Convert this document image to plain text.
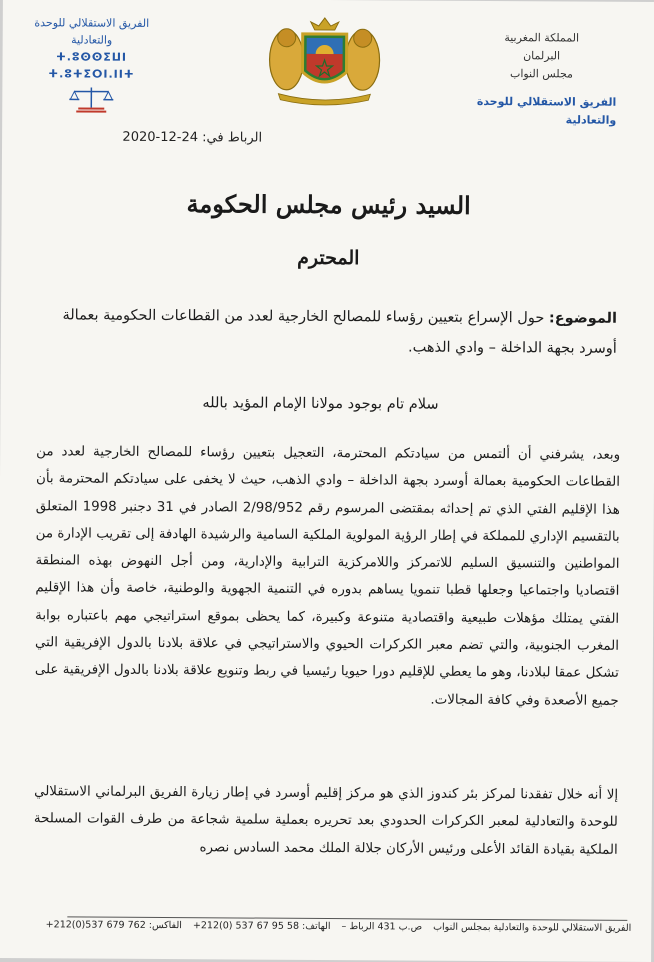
الفريق الاستقلالي للوحدة والتعادلية
ⵜ.ⵓⵙⵙⵉⵡⵏ ⵜ.ⵓⵜⵉⵔⵏ.ⵏⵏⵜ
المملكة المغربية
البرلمان
مجلس النواب
الفريق الاستقلالي للوحدة والتعادلية
الرباط في: 24-12-2020
السيد رئيس مجلس الحكومة
المحترم
الموضوع: حول الإسراع بتعيين رؤساء للمصالح الخارجية لعدد من القطاعات الحكومية بعمالة أوسرد بجهة الداخلة – وادي الذهب.
سلام تام بوجود مولانا الإمام المؤيد بالله
وبعد، يشرفني أن ألتمس من سيادتكم المحترمة، التعجيل بتعيين رؤساء للمصالح الخارجية لعدد من القطاعات الحكومية بعمالة أوسرد بجهة الداخلة – وادي الذهب، حيث لا يخفى على سيادتكم المحترمة بأن هذا الإقليم الفتي الذي تم إحداثه بمقتضى المرسوم رقم 2/98/952 الصادر في 31 دجنبر 1998 المتعلق بالتقسيم الإداري للمملكة في إطار الرؤية المولوية الملكية السامية والرشيدة الهادفة إلى تقريب الإدارة من المواطنين والتنسيق السليم للاتمركز واللامركزية الترابية والإدارية، ومن أجل النهوض بهذه المنطقة اقتصاديا واجتماعيا وجعلها قطبا تنمويا يساهم بدوره في التنمية الجهوية والوطنية، خاصة وأن هذا الإقليم الفتي يمتلك مؤهلات طبيعية واقتصادية متنوعة وكبيرة، كما يحظى بموقع استراتيجي مهم باعتباره بوابة المغرب الجنوبية، والتي تضم معبر الكركرات الحيوي والاستراتيجي في علاقة بلادنا بالدول الإفريقية التي تشكل عمقا لبلادنا، وهو ما يعطي للإقليم دورا حيويا رئيسيا في ربط وتنويع علاقة بلادنا بالدول الإفريقية على جميع الأصعدة وفي كافة المجالات.
إلا أنه خلال تفقدنا لمركز بئر كندوز الذي هو مركز إقليم أوسرد في إطار زيارة الفريق البرلماني الاستقلالي للوحدة والتعادلية لمعبر الكركرات الحدودي بعد تحريره بعملية سلمية شجاعة من طرف القوات المسلحة الملكية بقيادة القائد الأعلى ورئيس الأركان جلالة الملك محمد السادس نصره
الفريق الاستقلالي للوحدة والتعادلية بمجلس النواب ص.ب 431 الرباط – الهاتف: 58 95 67 537 (0)212+ الفاكس: 762 679 537(0)212+
